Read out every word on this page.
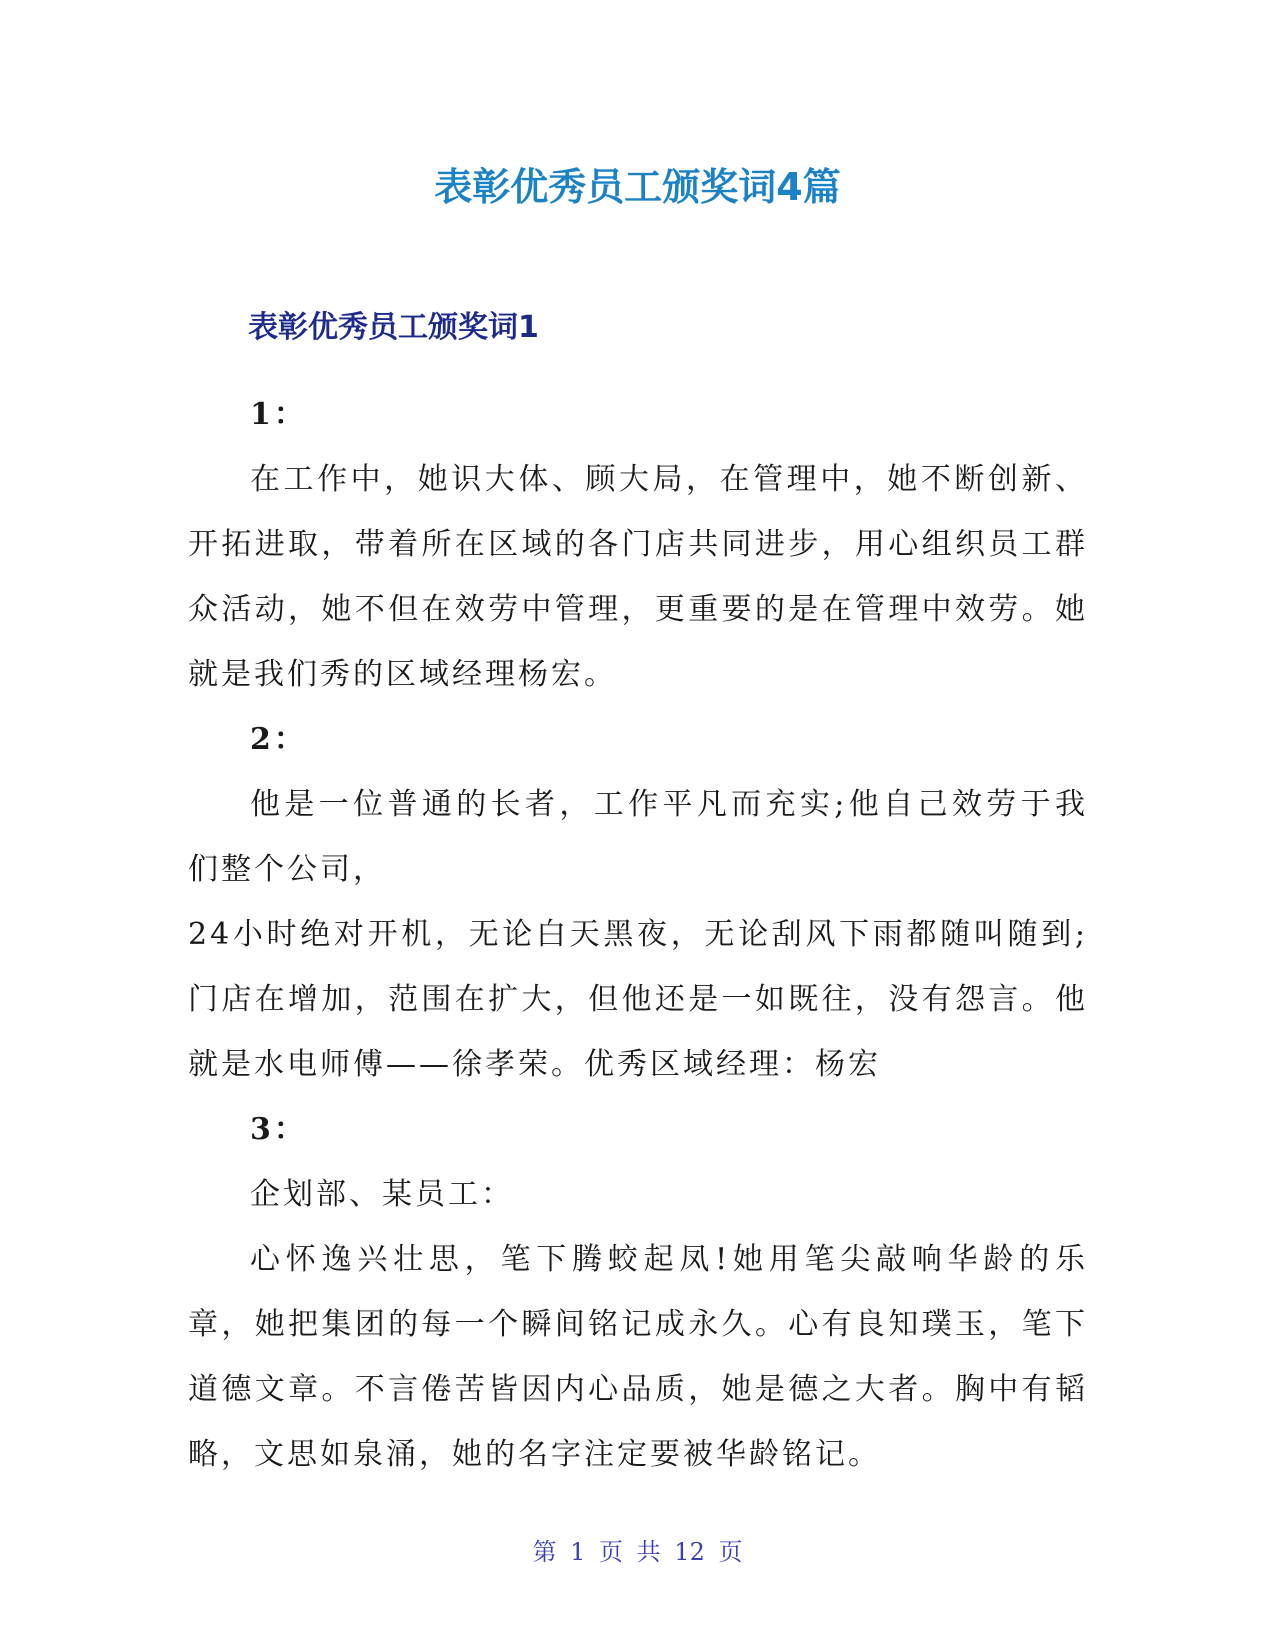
表彰优秀员工颁奖词4篇
表彰优秀员工颁奖词1

1：

在工作中，她识大体、顾大局，在管理中，她不断创新、开拓进取，带着所在区域的各门店共同进步，用心组织员工群众活动，她不但在效劳中管理，更重要的是在管理中效劳。她就是我们秀的区域经理杨宏。

2：

他是一位普通的长者，工作平凡而充实;他自己效劳于我们整个公司，

24小时绝对开机，无论白天黑夜，无论刮风下雨都随叫随到;门店在增加，范围在扩大，但他还是一如既往，没有怨言。他就是水电师傅——徐孝荣。优秀区域经理：杨宏

3：

企划部、某员工：

心怀逸兴壮思，笔下腾蛟起凤!她用笔尖敲响华龄的乐章，她把集团的每一个瞬间铭记成永久。心有良知璞玉，笔下道德文章。不言倦苦皆因内心品质，她是德之大者。胸中有韬略，文思如泉涌，她的名字注定要被华龄铭记。

第 1 页 共 12 页
